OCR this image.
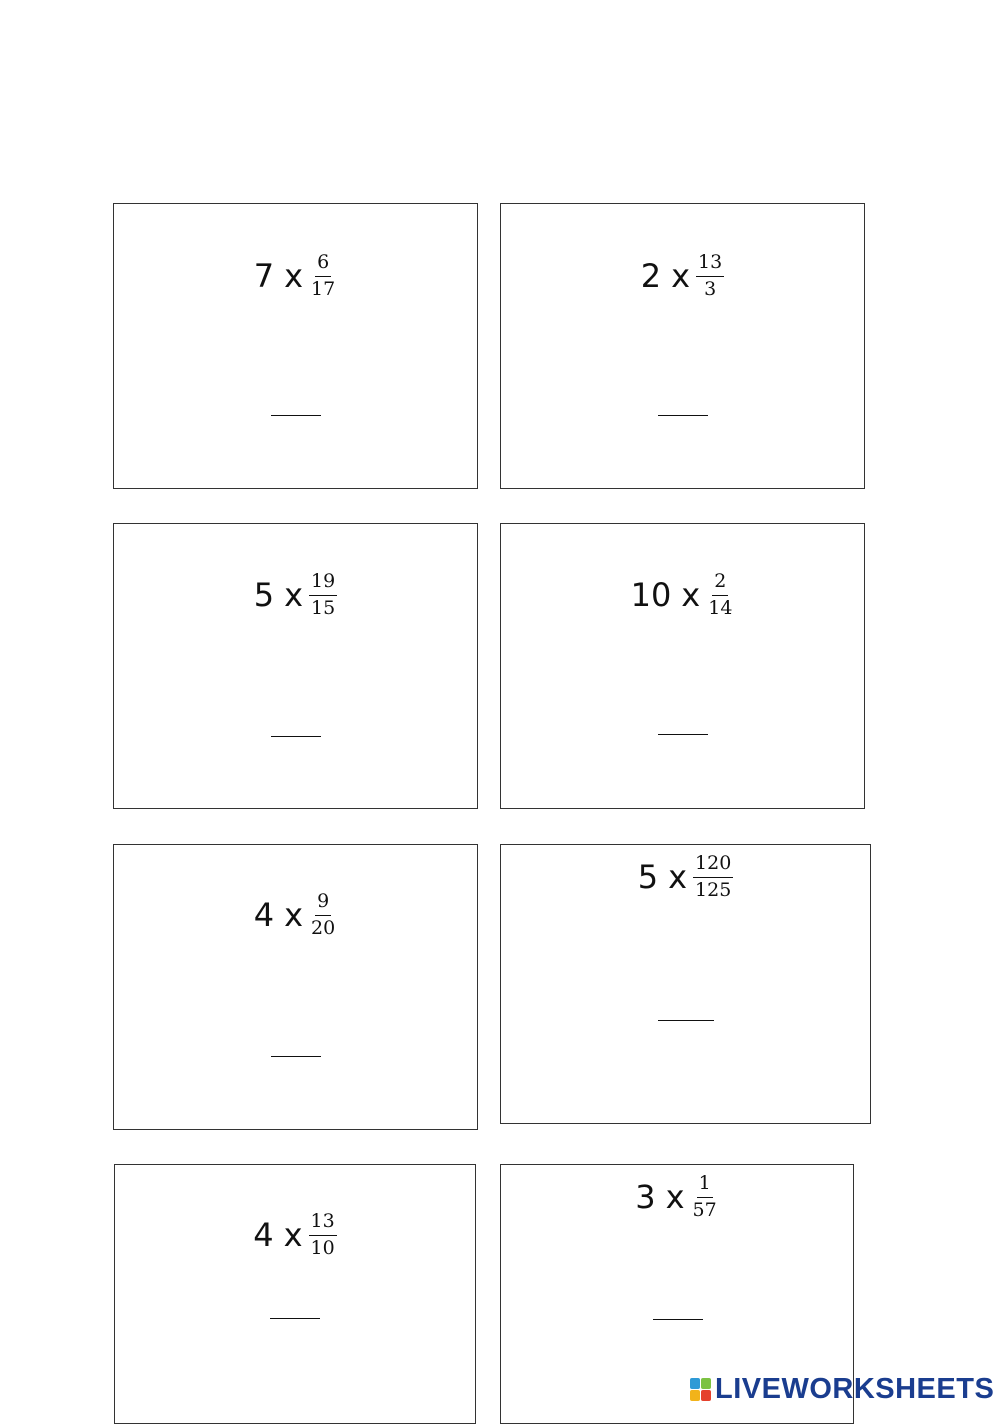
7 x $\frac{6}{17}$	2 x $\frac{13}{3}$
5 x $\frac{19}{15}$	10 x $\frac{2}{14}$
4 x $\frac{9}{20}$
5 x $\frac{120}{125}$
4 x $\frac{13}{10}$
3 x $\frac{1}{57}$
LIVEWORKSHEETS
